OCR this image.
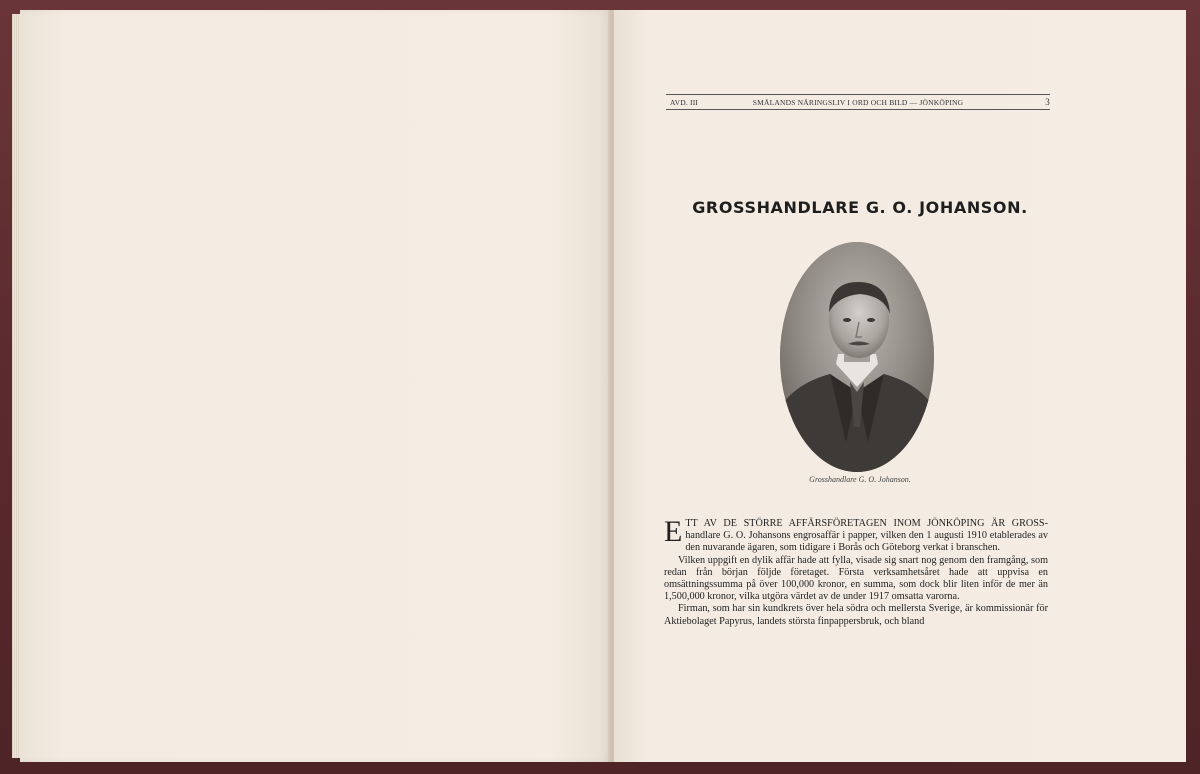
AVD. III	SMÅLANDS NÄRINGSLIV I ORD OCH BILD — JÖNKÖPING	3
GROSSHANDLARE G. O. JOHANSON.
Grosshandlare G. O. Johanson.

ETT AV DE STÖRRE AFFÄRSFÖRETAGEN INOM JÖNKÖPING ÄR GROSS-handlare G. O. Johansons engrosaffär i papper, vilken den 1 augusti 1910 etablerades av den nuvarande ägaren, som tidigare i Borås och Göteborg verkat i branschen.

Vilken uppgift en dylik affär hade att fylla, visade sig snart nog genom den framgång, som redan från början följde företaget. Första verksamhetsåret hade att uppvisa en omsättningssumma på över 100,000 kronor, en summa, som dock blir liten inför de mer än 1,500,000 kronor, vilka utgöra värdet av de under 1917 omsatta varorna.

Firman, som har sin kundkrets över hela södra och mellersta Sverige, är kommissionär för Aktiebolaget Papyrus, landets största finpappersbruk, och bland
